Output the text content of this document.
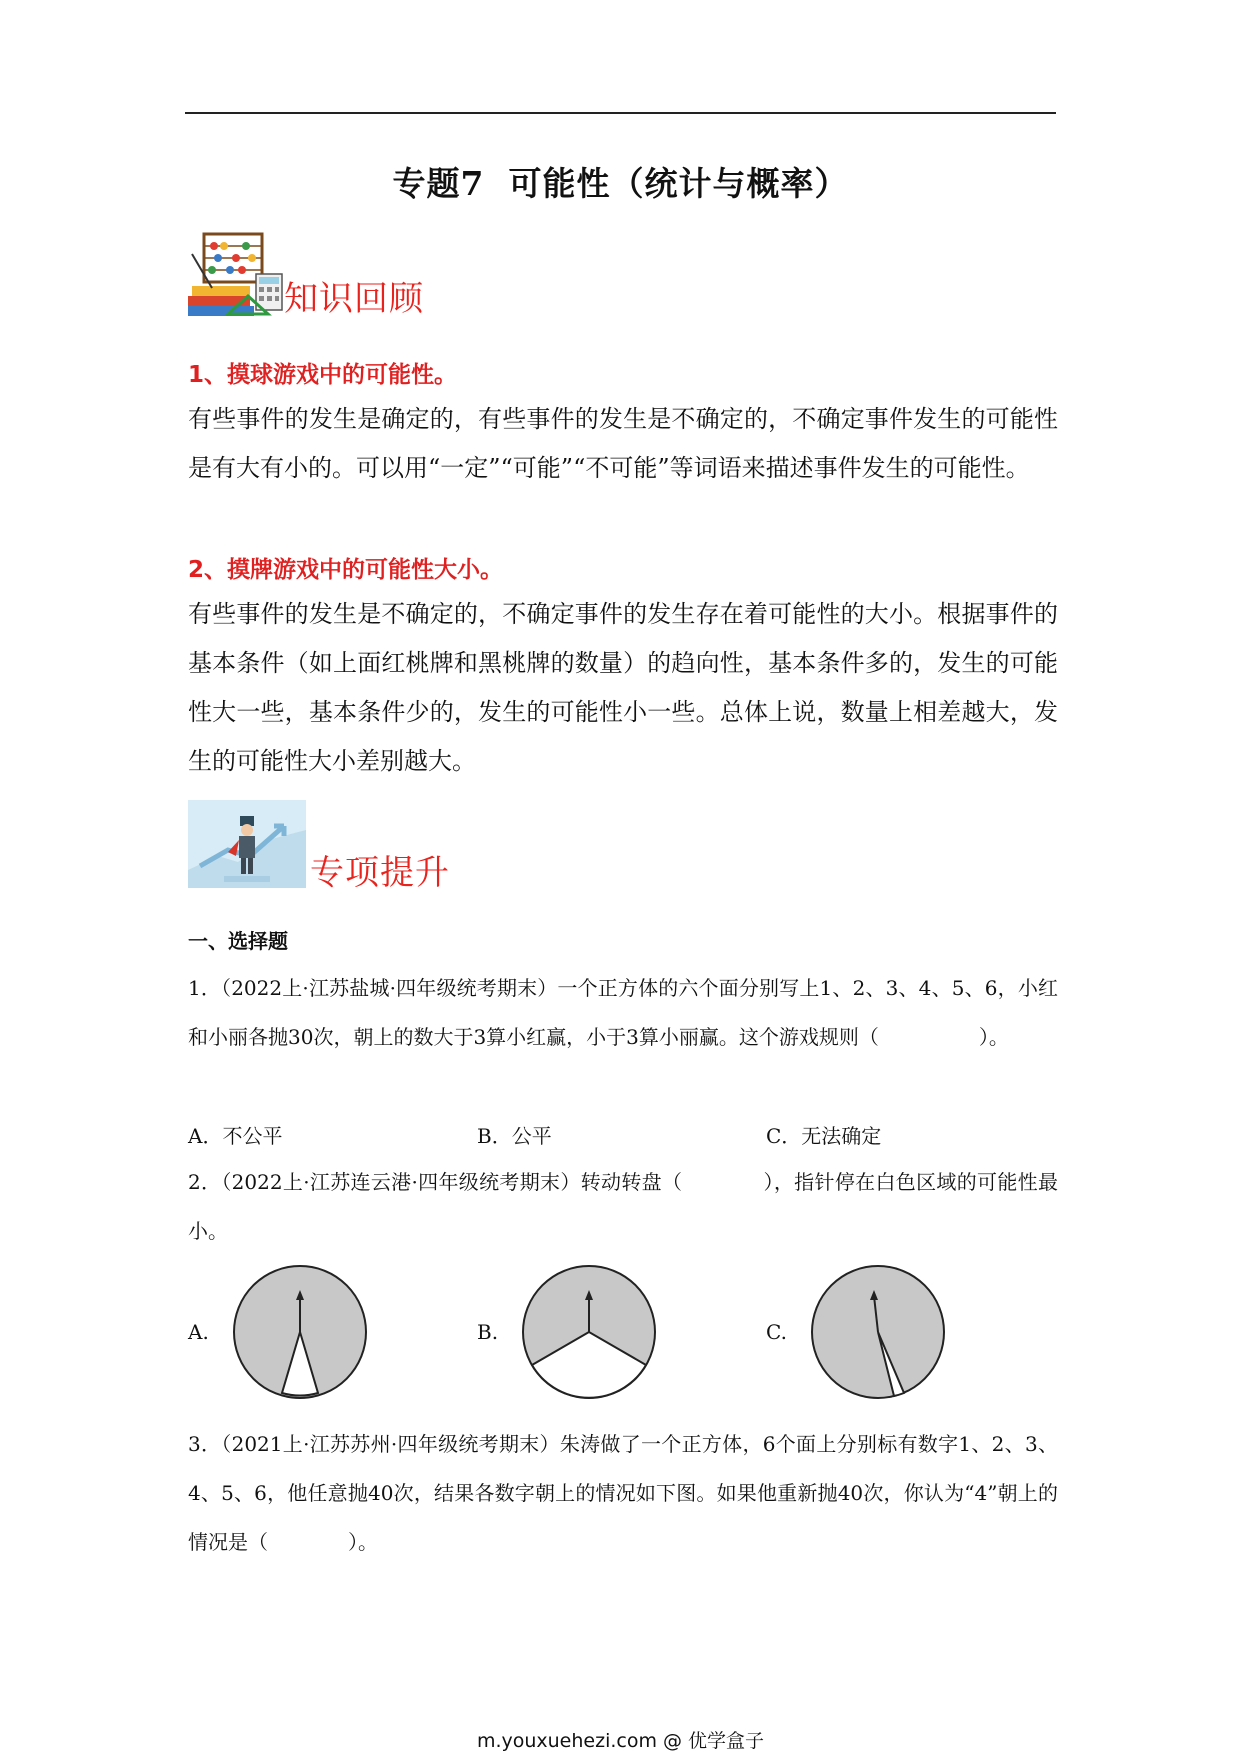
专题7 可能性（统计与概率）
知识回顾
1、摸球游戏中的可能性。
有些事件的发生是确定的，有些事件的发生是不确定的，不确定事件发生的可能性是有大有小的。可以用“一定”“可能”“不可能”等词语来描述事件发生的可能性。
2、摸牌游戏中的可能性大小。
有些事件的发生是不确定的，不确定事件的发生存在着可能性的大小。根据事件的基本条件（如上面红桃牌和黑桃牌的数量）的趋向性，基本条件多的，发生的可能性大一些，基本条件少的，发生的可能性小一些。总体上说，数量上相差越大，发生的可能性大小差别越大。
专项提升
一、选择题
1．（2022上·江苏盐城·四年级统考期末）一个正方体的六个面分别写上1、2、3、4、5、6，小红和小丽各抛30次，朝上的数大于3算小红赢，小于3算小丽赢。这个游戏规则（　　　　　）。
A．不公平	B．公平	C．无法确定
2．（2022上·江苏连云港·四年级统考期末）转动转盘（　　　　），指针停在白色区域的可能性最小。
A.	B.	C.
3．（2021上·江苏苏州·四年级统考期末）朱涛做了一个正方体，6个面上分别标有数字1、2、3、4、5、6，他任意抛40次，结果各数字朝上的情况如下图。如果他重新抛40次，你认为“4”朝上的情况是（　　　　）。
m.youxuehezi.com @ 优学盒子
